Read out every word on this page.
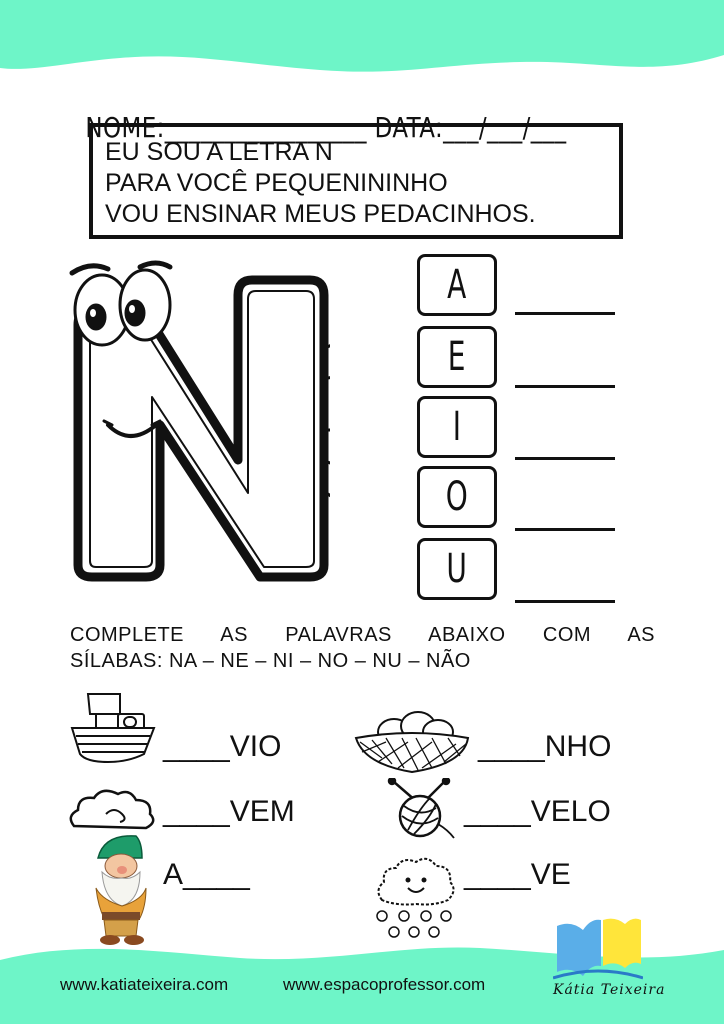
NOME:_________________ DATA:___/___/___

EU SOU A LETRA N
PARA VOCÊ PEQUENININHO
VOU ENSINAR MEUS PEDACINHOS.
A
E
I
O
U
COMPLETE AS PALAVRAS ABAIXO COM AS
SÍLABAS: NA – NE – NI – NO – NU – NÃO
____VIO	____NHO
____VEM	____VELO
A____	____VE
Kátia Teixeira
www.katiateixeira.com	www.espacoprofessor.com
